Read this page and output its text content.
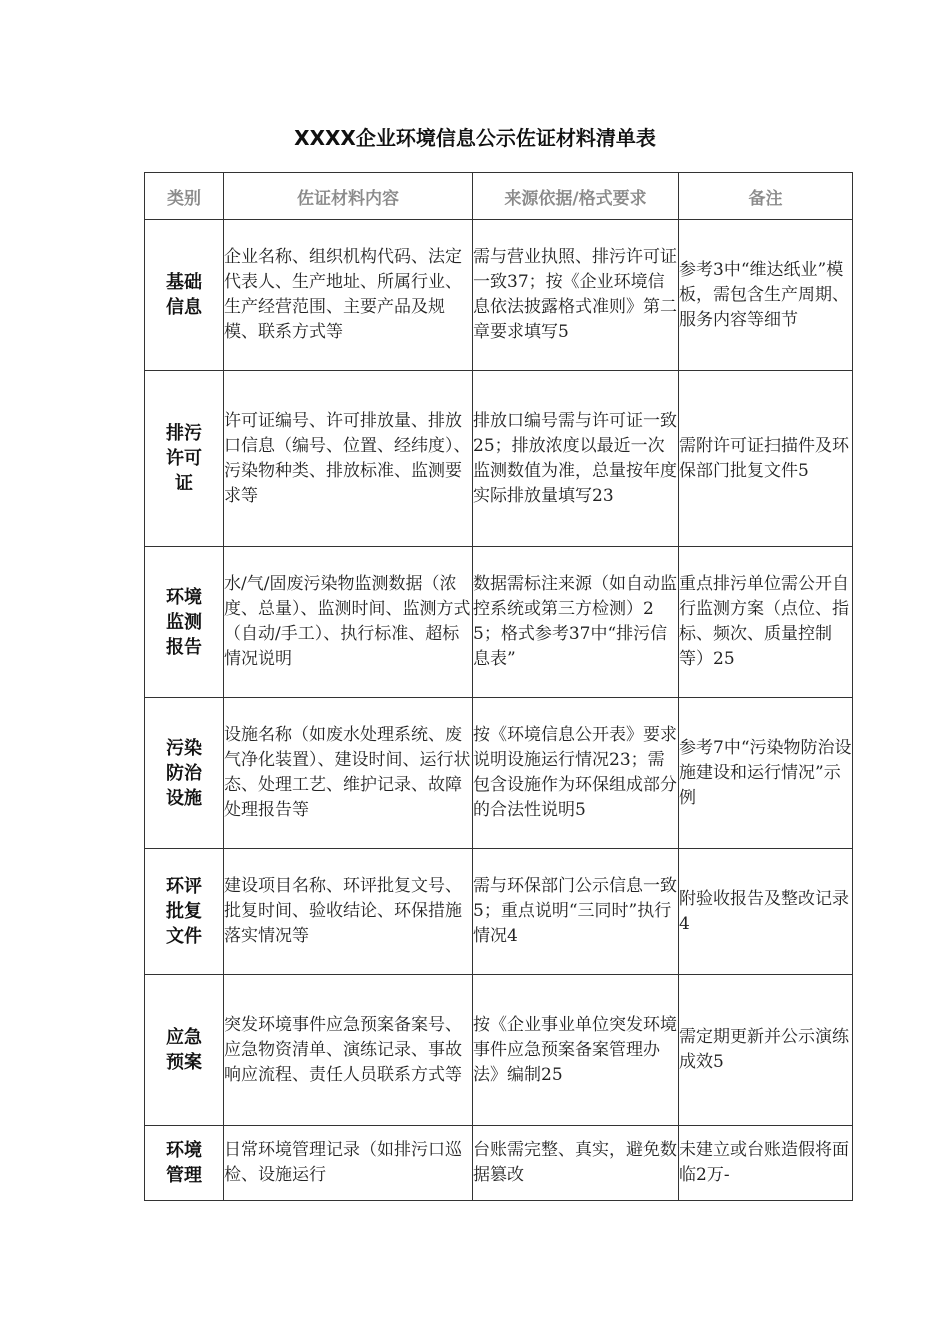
XXXX企业环境信息公示佐证材料清单表
类别	佐证材料内容	来源依据/格式要求	备注
基础信息	企业名称、组织机构代码、法定代表人、生产地址、所属行业、生产经营范围、主要产品及规模、联系方式等	需与营业执照、排污许可证一致37；按《企业环境信息依法披露格式准则》第二章要求填写5	参考3中“维达纸业”模板，需包含生产周期、服务内容等细节
排污许可证	许可证编号、许可排放量、排放口信息（编号、位置、经纬度）、污染物种类、排放标准、监测要求等	排放口编号需与许可证一致25；排放浓度以最近一次监测数值为准，总量按年度实际排放量填写23	需附许可证扫描件及环保部门批复文件5
环境监测报告	水/气/固废污染物监测数据（浓度、总量）、监测时间、监测方式（自动/手工）、执行标准、超标情况说明	数据需标注来源（如自动监控系统或第三方检测）25；格式参考37中“排污信息表”	重点排污单位需公开自行监测方案（点位、指标、频次、质量控制等）25
污染防治设施	设施名称（如废水处理系统、废气净化装置）、建设时间、运行状态、处理工艺、维护记录、故障处理报告等	按《环境信息公开表》要求说明设施运行情况23；需包含设施作为环保组成部分的合法性说明5	参考7中“污染物防治设施建设和运行情况”示例
环评批复文件	建设项目名称、环评批复文号、批复时间、验收结论、环保措施落实情况等	需与环保部门公示信息一致5；重点说明“三同时”执行情况4	附验收报告及整改记录4
应急预案	突发环境事件应急预案备案号、应急物资清单、演练记录、事故响应流程、责任人员联系方式等	按《企业事业单位突发环境事件应急预案备案管理办法》编制25	需定期更新并公示演练成效5
环境管理	日常环境管理记录（如排污口巡检、设施运行	台账需完整、真实，避免数据篡改	未建立或台账造假将面临2万-
